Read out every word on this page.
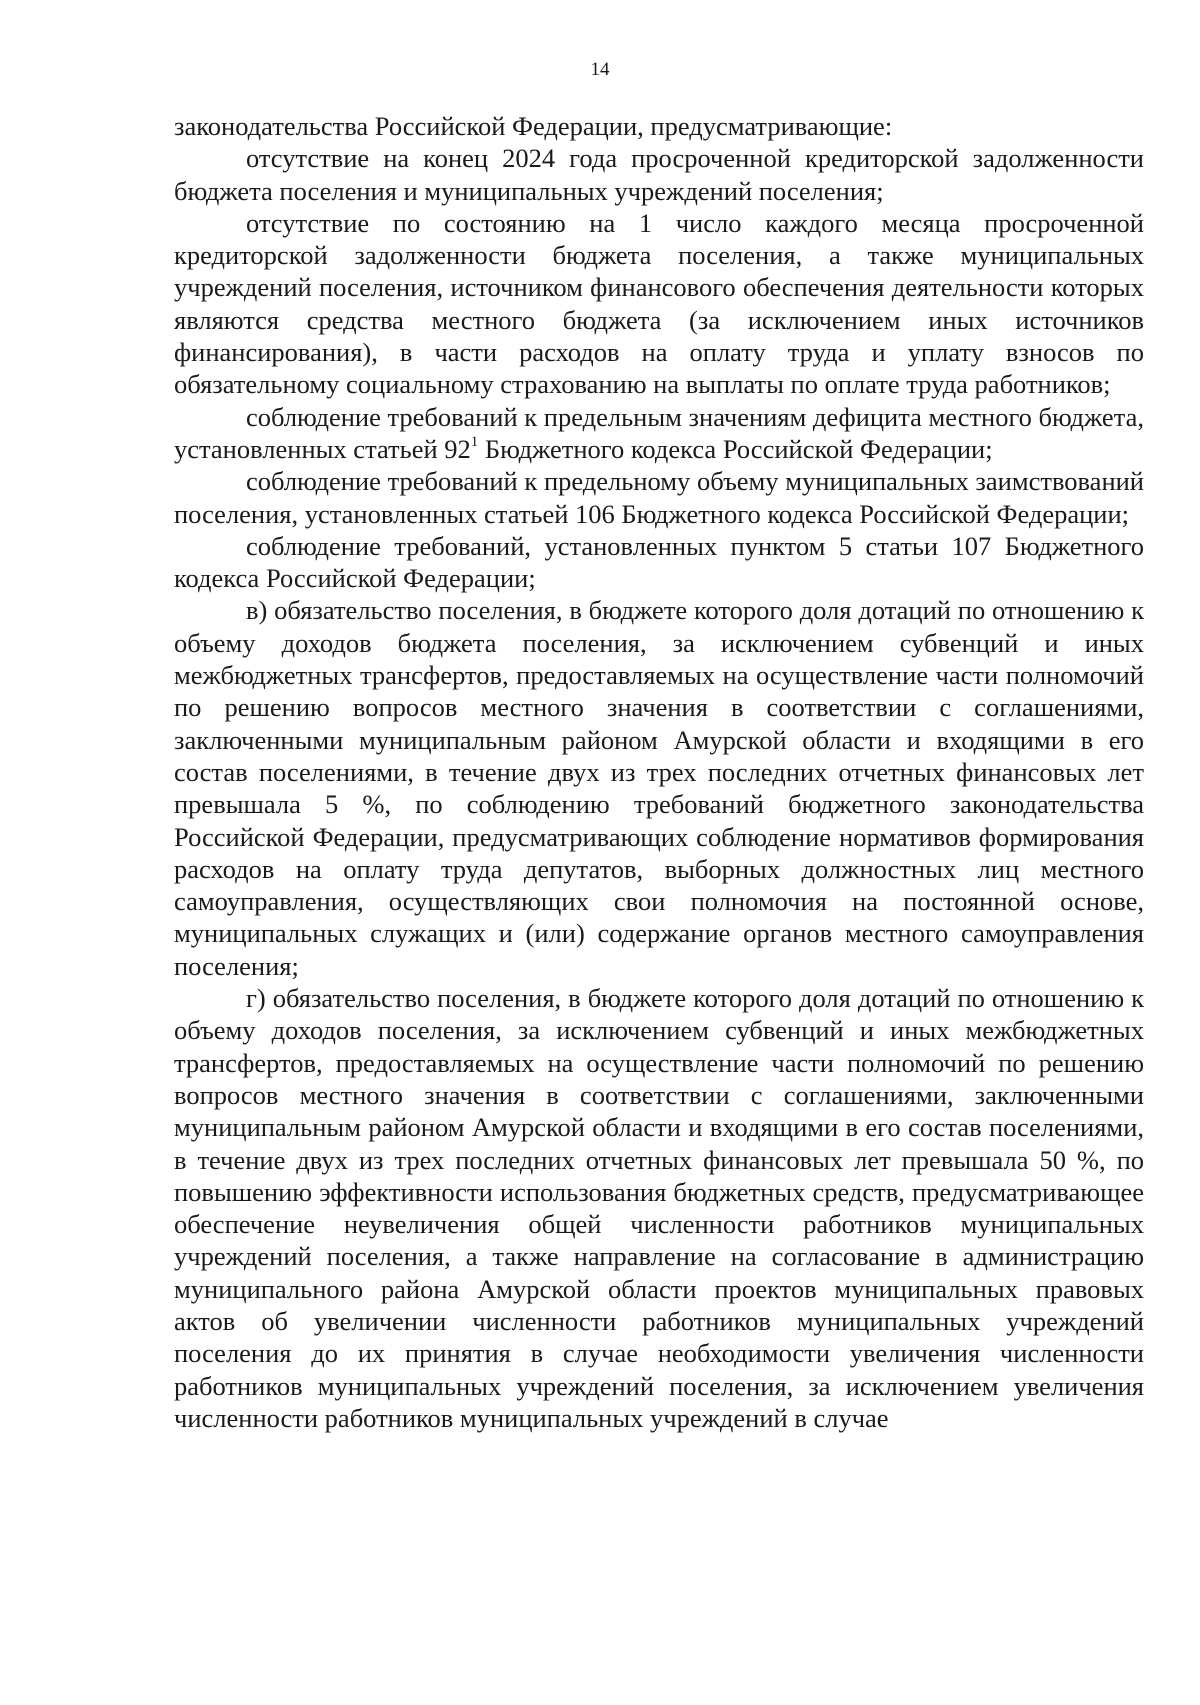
14

законодательства Российской Федерации, предусматривающие:

отсутствие на конец 2024 года просроченной кредиторской задолженности бюджета поселения и муниципальных учреждений поселения;

отсутствие по состоянию на 1 число каждого месяца просроченной кредиторской задолженности бюджета поселения, а также муниципальных учреждений поселения, источником финансового обеспечения деятельности которых являются средства местного бюджета (за исключением иных источников финансирования), в части расходов на оплату труда и уплату взносов по обязательному социальному страхованию на выплаты по оплате труда работников;

соблюдение требований к предельным значениям дефицита местного бюджета, установленных статьей $92^1$ Бюджетного кодекса Российской Федерации;

соблюдение требований к предельному объему муниципальных заимствований поселения, установленных статьей 106 Бюджетного кодекса Российской Федерации;

соблюдение требований, установленных пунктом 5 статьи 107 Бюджетного кодекса Российской Федерации;

в) обязательство поселения, в бюджете которого доля дотаций по отношению к объему доходов бюджета поселения, за исключением субвенций и иных межбюджетных трансфертов, предоставляемых на осуществление части полномочий по решению вопросов местного значения в соответствии с соглашениями, заключенными муниципальным районом Амурской области и входящими в его состав поселениями, в течение двух из трех последних отчетных финансовых лет превышала 5 %, по соблюдению требований бюджетного законодательства Российской Федерации, предусматривающих соблюдение нормативов формирования расходов на оплату труда депутатов, выборных должностных лиц местного самоуправления, осуществляющих свои полномочия на постоянной основе, муниципальных служащих и (или) содержание органов местного самоуправления поселения;

г) обязательство поселения, в бюджете которого доля дотаций по отношению к объему доходов поселения, за исключением субвенций и иных межбюджетных трансфертов, предоставляемых на осуществление части полномочий по решению вопросов местного значения в соответствии с соглашениями, заключенными муниципальным районом Амурской области и входящими в его состав поселениями, в течение двух из трех последних отчетных финансовых лет превышала 50 %, по повышению эффективности использования бюджетных средств, предусматривающее обеспечение неувеличения общей численности работников муниципальных учреждений поселения, а также направление на согласование в администрацию муниципального района Амурской области проектов муниципальных правовых актов об увеличении численности работников муниципальных учреждений поселения до их принятия в случае необходимости увеличения численности работников муниципальных учреждений поселения, за исключением увеличения численности работников муниципальных учреждений в случае
